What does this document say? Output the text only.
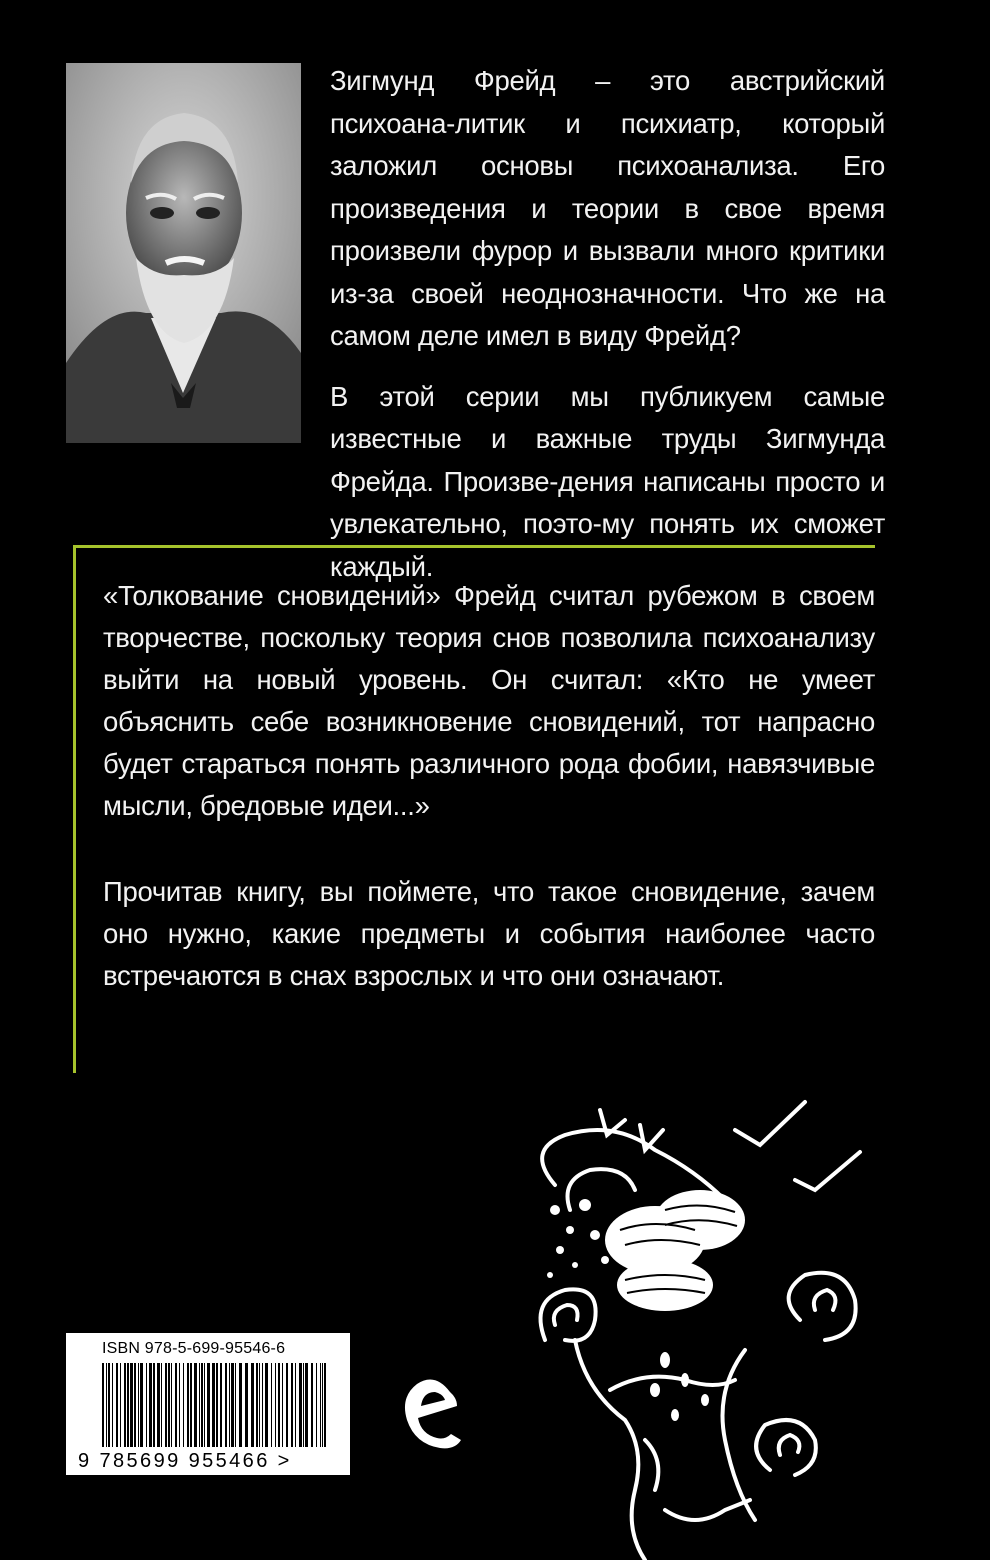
Зигмунд Фрейд – это австрийский психоана-литик и психиатр, который заложил основы психоанализа. Его произведения и теории в свое время произвели фурор и вызвали много критики из-за своей неоднозначности. Что же на самом деле имел в виду Фрейд?

В этой серии мы публикуем самые известные и важные труды Зигмунда Фрейда. Произве-дения написаны просто и увлекательно, поэто-му понять их сможет каждый.

«Толкование сновидений» Фрейд считал рубежом в своем творчестве, поскольку теория снов позволила психоанализу выйти на новый уровень. Он считал: «Кто не умеет объяснить себе возникновение сновидений, тот напрасно будет стараться понять различного рода фобии, навязчивые мысли, бредовые идеи...»

Прочитав книгу, вы поймете, что такое сновидение, зачем оно нужно, какие предметы и события наиболее часто встречаются в снах взрослых и что они означают.

ISBN 978-5-699-95546-6
9 785699 955466 >
